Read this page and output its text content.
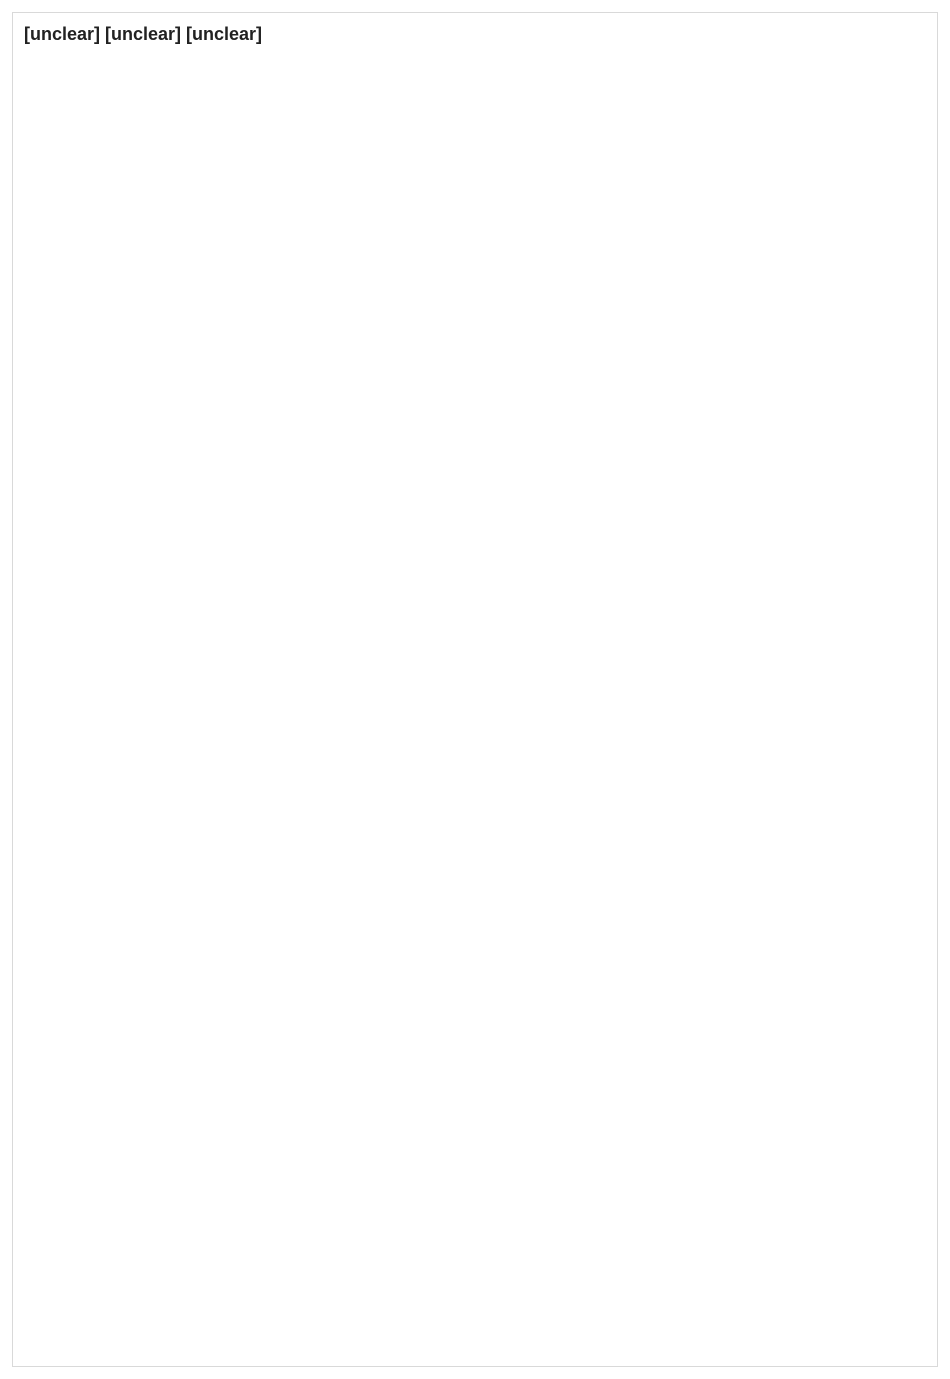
[unclear] [unclear] [unclear]
